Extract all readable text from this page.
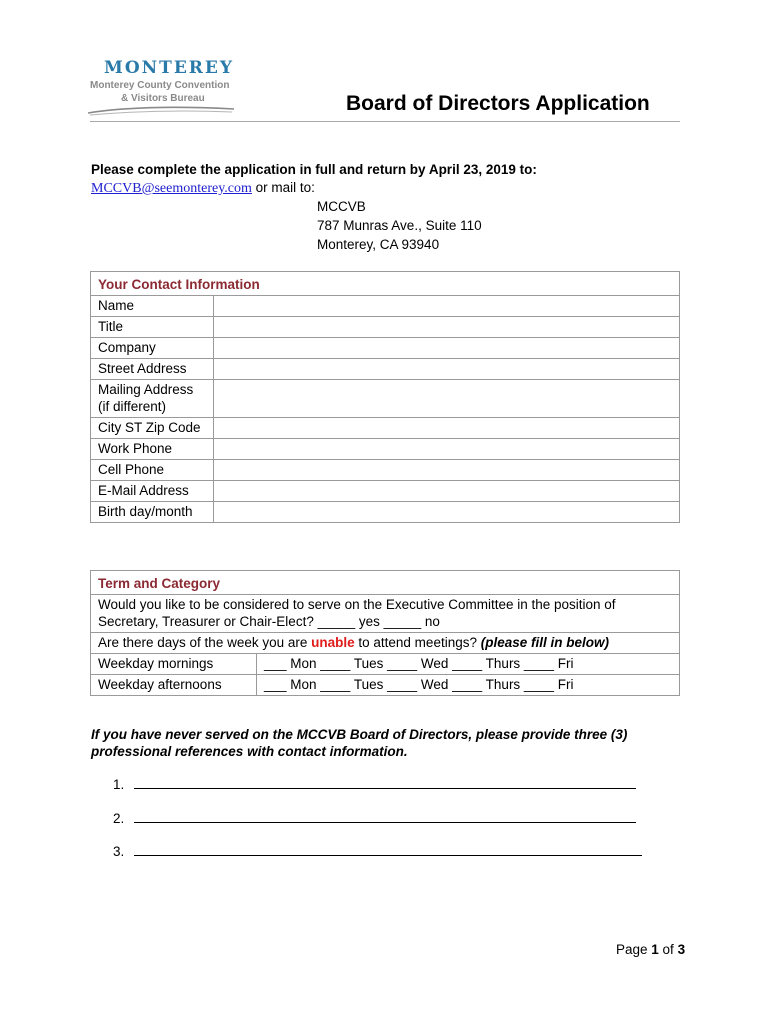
MONTEREY
Monterey County Convention
& Visitors Bureau	Board of Directors Application
Please complete the application in full and return by April 23, 2019 to:
MCCVB@seemonterey.com or mail to:
MCCVB
787 Munras Ave., Suite 110
Monterey, CA 93940
Your Contact Information	
Name	
Title	
Company	
Street Address	
Mailing Address
(if different)	
City ST Zip Code	
Work Phone	
Cell Phone	
E-Mail Address	
Birth day/month	
Term and Category	
Would you like to be considered to serve on the Executive Committee in the position of Secretary, Treasurer or Chair-Elect? _____ yes _____ no	
Are there days of the week you are unable to attend meetings? (please fill in below)	
Weekday mornings	___ Mon ____ Tues ____ Wed ____ Thurs ____ Fri
Weekday afternoons	___ Mon ____ Tues ____ Wed ____ Thurs ____ Fri
If you have never served on the MCCVB Board of Directors, please provide three (3) professional references with contact information.
1.
2.
3.
Page 1 of 3
